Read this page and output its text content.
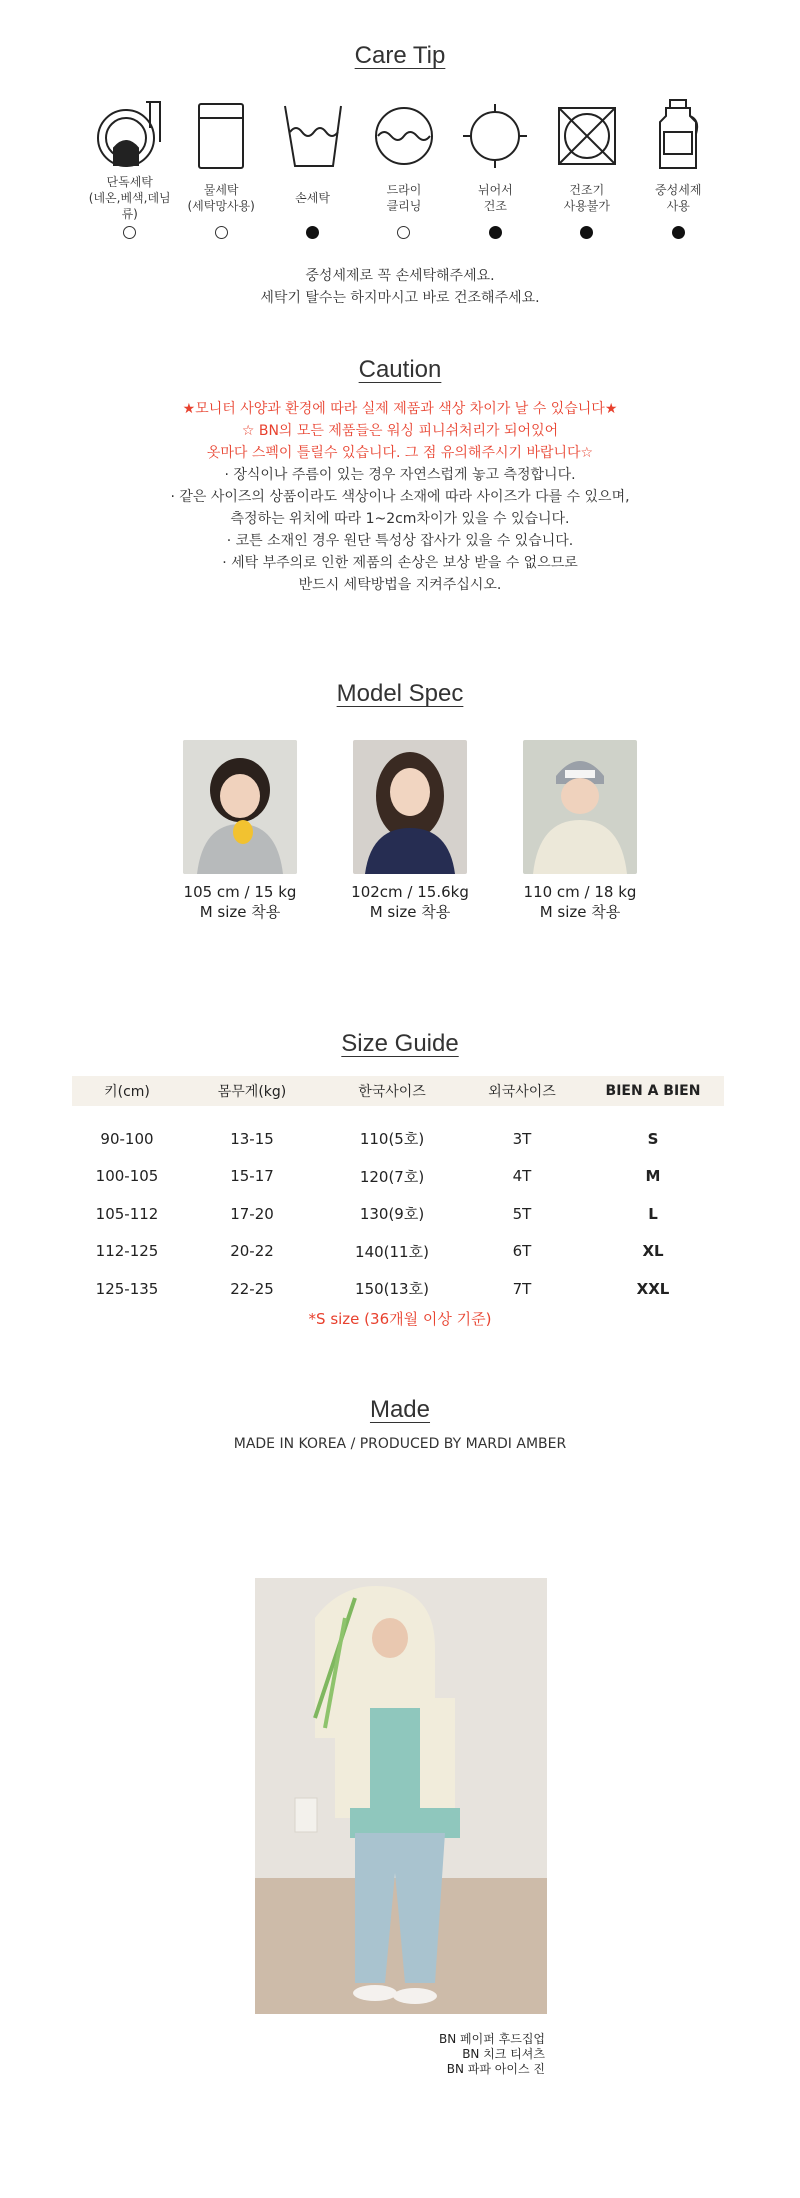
Care Tip
단독세탁
(네온,베색,데님류)
물세탁
(세탁망사용)
손세탁
드라이
클리닝
뉘어서
건조
건조기
사용불가
중성세제
사용
중성세제로 꼭 손세탁해주세요.
세탁기 탈수는 하지마시고 바로 건조해주세요.
Caution
★모니터 사양과 환경에 따라 실제 제품과 색상 차이가 날 수 있습니다★
☆ BN의 모든 제품들은 워싱 피니쉬처리가 되어있어
옷마다 스펙이 틀릴수 있습니다. 그 점 유의해주시기 바랍니다☆
· 장식이나 주름이 있는 경우 자연스럽게 놓고 측정합니다.
· 같은 사이즈의 상품이라도 색상이나 소재에 따라 사이즈가 다를 수 있으며,
측정하는 위치에 따라 1~2cm차이가 있을 수 있습니다.
· 코튼 소재인 경우 원단 특성상 잡사가 있을 수 있습니다.
· 세탁 부주의로 인한 제품의 손상은 보상 받을 수 없으므로
반드시 세탁방법을 지켜주십시오.
Model Spec
105 cm / 15 kg
M size 착용
102cm / 15.6kg
M size 착용
110 cm / 18 kg
M size 착용
Size Guide
키(cm)	몸무게(kg)	한국사이즈	외국사이즈	BIEN A BIEN
90-100	13-15	110(5호)	3T	S
100-105	15-17	120(7호)	4T	M
105-112	17-20	130(9호)	5T	L
112-125	20-22	140(11호)	6T	XL
125-135	22-25	150(13호)	7T	XXL
*S size (36개월 이상 기준)
Made
MADE IN KOREA / PRODUCED BY MARDI AMBER
BN 페이퍼 후드집업
BN 치크 티셔츠
BN 파파 아이스 진
